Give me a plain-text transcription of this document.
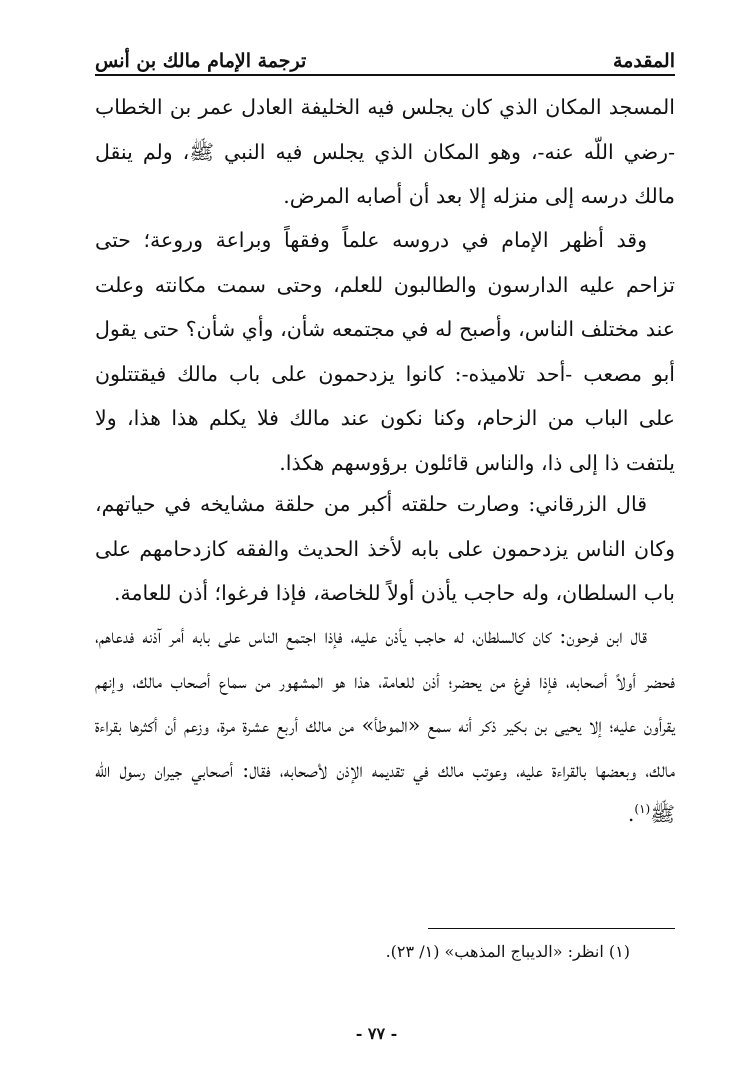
المقدمة
ترجمة الإمام مالك بن أنس

المسجد المكان الذي كان يجلس فيه الخليفة العادل عمر بن الخطاب -رضي اللّه عنه-، وهو المكان الذي يجلس فيه النبي ﷺ، ولم ينقل مالك درسه إلى منزله إلا بعد أن أصابه المرض.

وقد أظهر الإمام في دروسه علماً وفقهاً وبراعة وروعة؛ حتى تزاحم عليه الدارسون والطالبون للعلم، وحتى سمت مكانته وعلت عند مختلف الناس، وأصبح له في مجتمعه شأن، وأي شأن؟ حتى يقول أبو مصعب -أحد تلاميذه-: كانوا يزدحمون على باب مالك فيقتتلون على الباب من الزحام، وكنا نكون عند مالك فلا يكلم هذا هذا، ولا يلتفت ذا إلى ذا، والناس قائلون برؤوسهم هكذا.

قال الزرقاني: وصارت حلقته أكبر من حلقة مشايخه في حياتهم، وكان الناس يزدحمون على بابه لأخذ الحديث والفقه كازدحامهم على باب السلطان، وله حاجب يأذن أولاً للخاصة، فإذا فرغوا؛ أذن للعامة.

قال ابن فرحون: كان كالسلطان، له حاجب يأذن عليه، فإذا اجتمع الناس على بابه أمر آذنه فدعاهم، فحضر أولاً أصحابه، فإذا فرغ من يحضر؛ أذن للعامة، هذا هو المشهور من سماع أصحاب مالك، وإنهم يقرأون عليه؛ إلا يحيى بن بكير ذكر أنه سمع «الموطأ» من مالك أربع عشرة مرة، وزعم أن أكثرها بقراءة مالك، وبعضها بالقراءة عليه، وعوتب مالك في تقديمه الإذن لأصحابه، فقال: أصحابي جيران رسول اللّه ﷺ$^{(١)}$.

(١) انظر: «الديباج المذهب» (١/ ٢٣).
- ٧٧ -
